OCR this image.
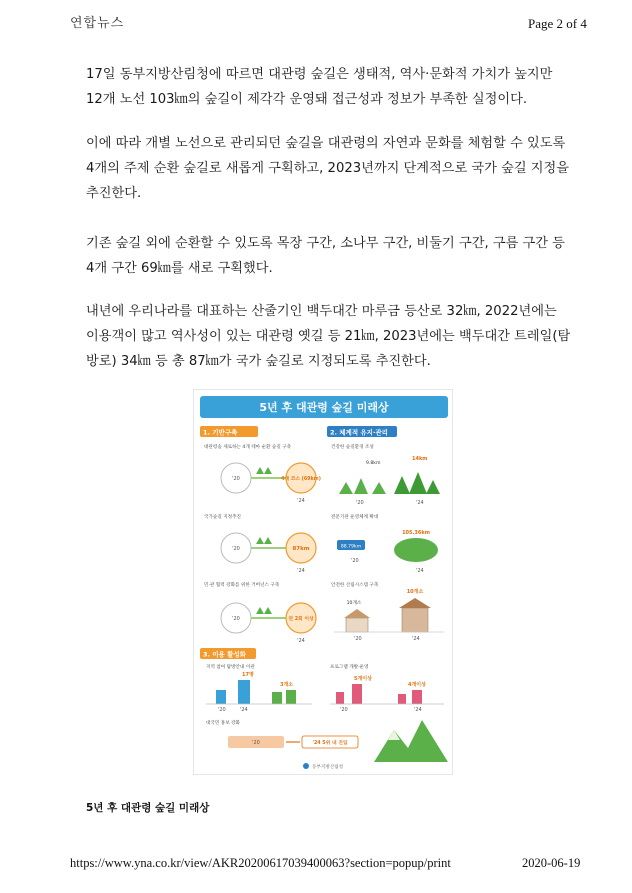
연합뉴스	Page 2 of 4
17일 동부지방산림청에 따르면 대관령 숲길은 생태적, 역사·문화적 가치가 높지만 12개 노선 103㎞의 숲길이 제각각 운영돼 접근성과 정보가 부족한 실정이다.
이에 따라 개별 노선으로 관리되던 숲길을 대관령의 자연과 문화를 체험할 수 있도록 4개의 주제 순환 숲길로 새롭게 구획하고, 2023년까지 단계적으로 국가 숲길 지정을 추진한다.
기존 숲길 외에 순환할 수 있도록 목장 구간, 소나무 구간, 비둘기 구간, 구름 구간 등 4개 구간 69㎞를 새로 구획했다.
내년에 우리나라를 대표하는 산줄기인 백두대간 마루금 등산로 32㎞, 2022년에는 이용객이 많고 역사성이 있는 대관령 옛길 등 21㎞, 2023년에는 백두대간 트레일(탐방로) 34㎞ 등 총 87㎞가 국가 숲길로 지정되도록 추진한다.
5년 후 대관령 숲길 미래상
1. 기반구축
대관령숲 새로하는 4개 테마 순환 숲길 구축
'20	4개 코스 (69km)
'24
국가숲길 지정추진
'20	87km
'24
민·관 협력 강화를 위한 거버넌스 구축
'20	연 2회 이상
'24
2. 체계적 유지·관리
건강한 숲길환경 조성
9.8km
14km
'20	'24
전문기관 운영체계 확대
88.79km
105.36km
'20
'24
안전한 산림시스템 구축
10개소
10개소
'20	'24
3. 이용 활성화
지역 참여 탐방안내 이관
17명
3개소
'20	'24
프로그램 개발·운영
5개이상
4개이상
'20	'24
대국민 홍보 강화
'20	'24 5위 내 진입
동부지방산림청
5년 후 대관령 숲길 미래상
https://www.yna.co.kr/view/AKR20200617039400063?section=popup/print	2020-06-19
